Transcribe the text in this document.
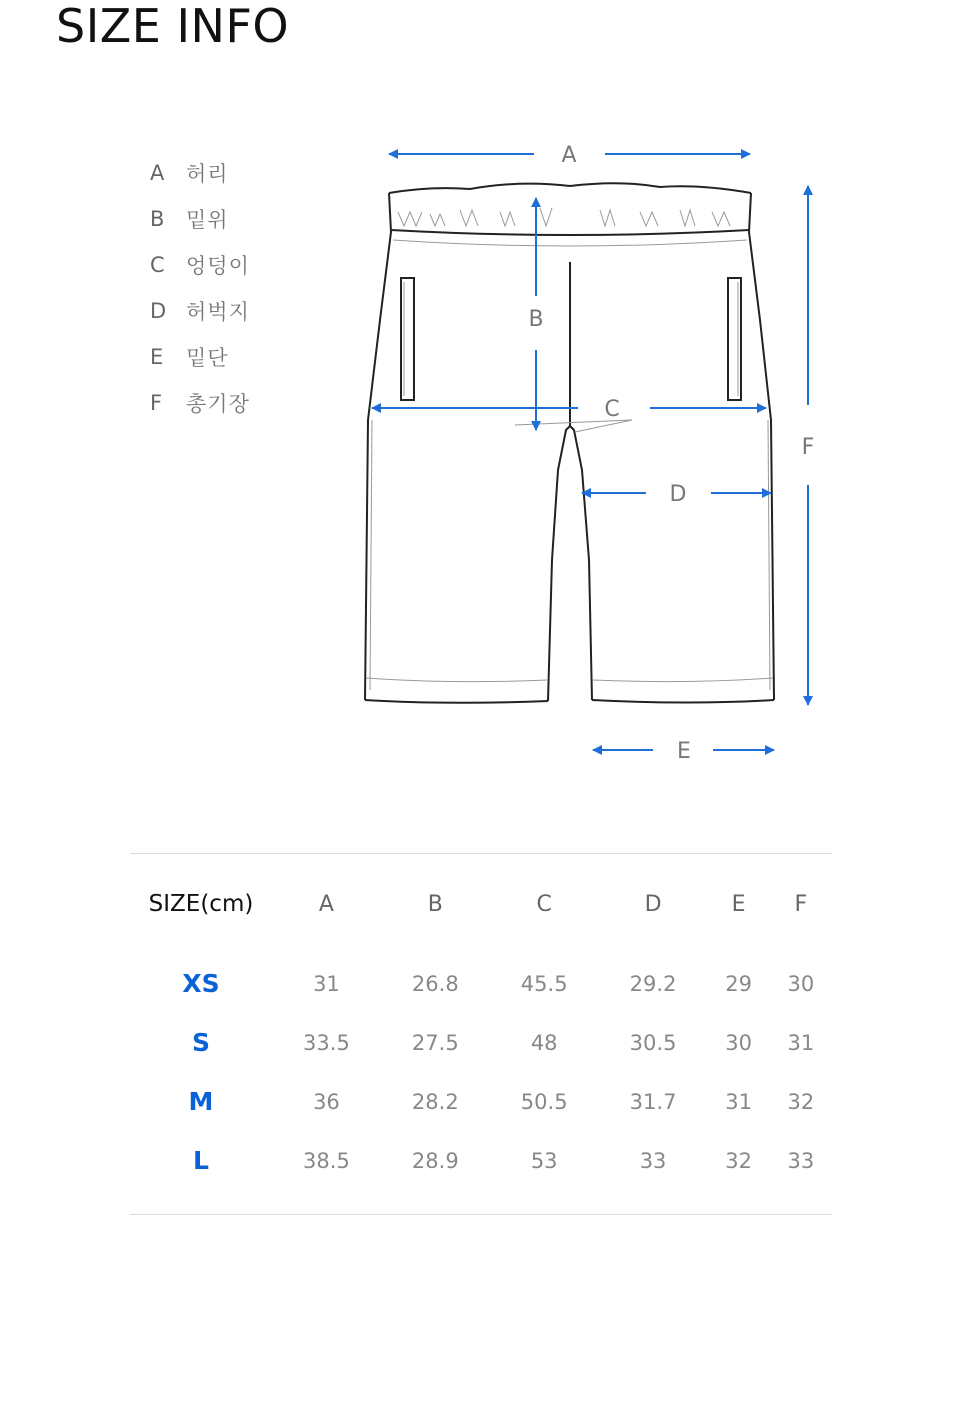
SIZE INFO
A	허리
B	밑위
C	엉덩이
D 허벅지
E	밑단
F	총기장
A
B
C
D
E
F
SIZE(cm)	A	B	C	D	E	F
XS	31	26.8	45.5	29.2	29	30
S	33.5	27.5	48	30.5	30	31
M	36	28.2	50.5	31.7	31	32
L	38.5	28.9	53	33	32	33
